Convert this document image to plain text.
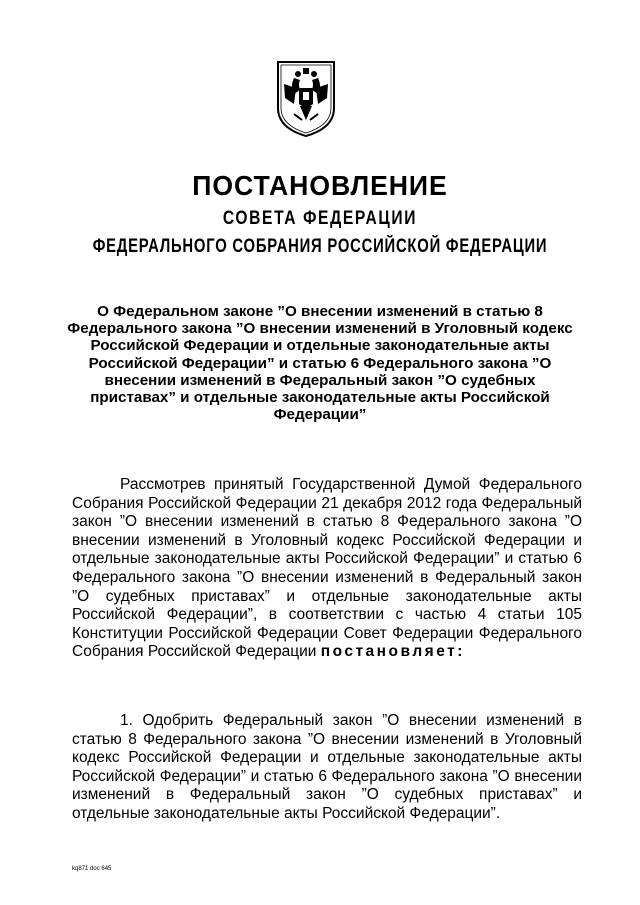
ПОСТАНОВЛЕНИЕ
СОВЕТА ФЕДЕРАЦИИ
ФЕДЕРАЛЬНОГО СОБРАНИЯ РОССИЙСКОЙ ФЕДЕРАЦИИ
О Федеральном законе ”О внесении изменений в статью 8 Федерального закона ”О внесении изменений в Уголовный кодекс Российской Федерации и отдельные законодательные акты Российской Федерации” и статью 6 Федерального закона ”О внесении изменений в Федеральный закон ”О судебных приставах” и отдельные законодательные акты Российской Федерации”
Рассмотрев принятый Государственной Думой Федерального Собрания Российской Федерации 21 декабря 2012 года Федеральный закон ”О внесении изменений в статью 8 Федерального закона ”О внесении изменений в Уголовный кодекс Российской Федерации и отдельные законодательные акты Российской Федерации” и статью 6 Федерального закона ”О внесении изменений в Федеральный закон ”О судебных приставах” и отдельные законодательные акты Российской Федерации”, в соответствии с частью 4 статьи 105 Конституции Российской Федерации Совет Федерации Федерального Собрания Российской Федерации постановляет:
1. Одобрить Федеральный закон ”О внесении изменений в статью 8 Федерального закона ”О внесении изменений в Уголовный кодекс Российской Федерации и отдельные законодательные акты Российской Федерации” и статью 6 Федерального закона ”О внесении изменений в Федеральный закон ”О судебных приставах” и отдельные законодательные акты Российской Федерации”.
kq871 doc 645
